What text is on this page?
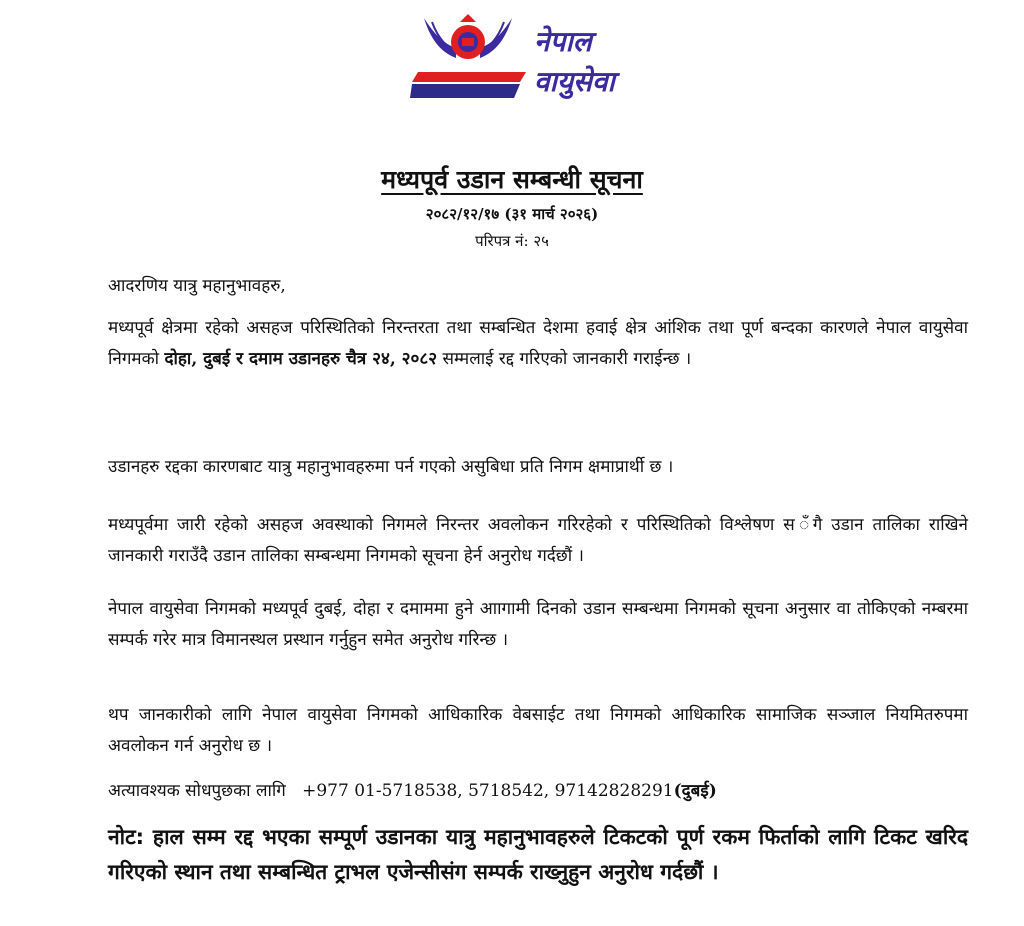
नेपाल
वायुसेवा
मध्यपूर्व उडान सम्बन्धी सूचना
२०८२/१२/१७ (३१ मार्च २०२६)
परिपत्र नं: २५
आदरणिय यात्रु महानुभावहरु,
मध्यपूर्व क्षेत्रमा रहेको असहज परिस्थितिको निरन्तरता तथा सम्बन्धित देशमा हवाई क्षेत्र आंशिक तथा पूर्ण बन्दका कारणले नेपाल वायुसेवा निगमको दोहा, दुबई र दमाम उडानहरु चैत्र २४, २०८२ सम्मलाई रद्द गरिएको जानकारी गराईन्छ ।
उडानहरु रद्दका कारणबाट यात्रु महानुभावहरुमा पर्न गएको असुबिधा प्रति निगम क्षमाप्रार्थी छ ।
मध्यपूर्वमा जारी रहेको असहज अवस्थाको निगमले निरन्तर अवलोकन गरिरहेको र परिस्थितिको विश्लेषण स ँगै उडान तालिका राखिने जानकारी गराउँदै उडान तालिका सम्बन्धमा निगमको सूचना हेर्न अनुरोध गर्दछौं ।
नेपाल वायुसेवा निगमको मध्यपूर्व दुबई, दोहा र दमाममा हुने आागामी दिनको उडान सम्बन्धमा निगमको सूचना अनुसार वा तोकिएको नम्बरमा सम्पर्क गरेर मात्र विमानस्थल प्रस्थान गर्नुहुन समेत अनुरोध गरिन्छ ।
थप जानकारीको लागि नेपाल वायुसेवा निगमको आधिकारिक वेबसाईट तथा निगमको आधिकारिक सामाजिक सञ्जाल नियमितरुपमा अवलोकन गर्न अनुरोध छ ।
अत्यावश्यक सोधपुछका लागि +977 01-5718538, 5718542, 97142828291(दुबई)
नोट: हाल सम्म रद्द भएका सम्पूर्ण उडानका यात्रु महानुभावहरुले टिकटको पूर्ण रकम फिर्ताको लागि टिकट खरिद गरिएको स्थान तथा सम्बन्धित ट्राभल एजेन्सीसंग सम्पर्क राख्नुहुन अनुरोध गर्दछौं ।
